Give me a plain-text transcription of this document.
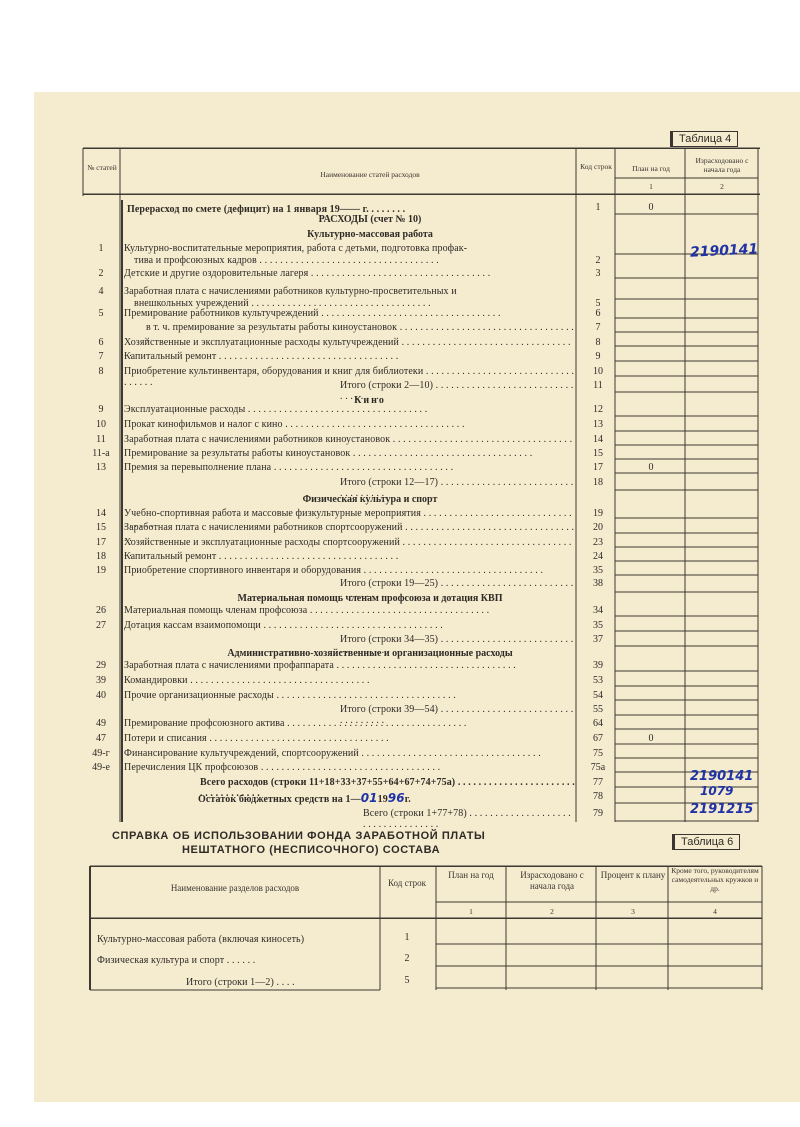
Таблица 4
№ статей
Наименование статей расходов
Код строк	План на год
1
Израсходовано с начала года
2
Перерасход по смете (дефицит) на 1 января 19—— г. . . . . . . .	1	0
РАСХОДЫ (счет № 10)
Культурно-массовая работа
Кино
Физическая культура и спорт
Материальная помощь членам профсоюза и дотация КВП
Административно-хозяйственные и организационные расходы
1	Культурно-воспитательные мероприятия, работа с детьми, подготовка профак-
тива и профсоюзных кадров . . .	2
2	Детские и другие оздоровительные лагеря . . .	3
4	Заработная плата с начислениями работников культурно-просветительных и
внешкольных учреждений . . .	5
5	Премирование работников культучреждений . . .	6
в т. ч. премирование за результаты работы киноустановок . . .	7
6	Хозяйственные и эксплуатационные расходы культучреждений . . .	8
7	Капитальный ремонт . . .	9
8	Приобретение культинвентаря, оборудования и книг для библиотеки . . .	10
Итого (строки 2—10) . . .	11
9	Эксплуатационные расходы . . .	12
10	Прокат кинофильмов и налог с кино . . .	13
11	Заработная плата с начислениями работников киноустановок . . .	14
11-а	Премирование за результаты работы киноустановок . . .	15
13	Премия за перевыполнение плана . . .	17	0
Итого (строки 12—17) . . .	18
14	Учебно-спортивная работа и массовые физкультурные мероприятия . . .	19
15	Заработная плата с начислениями работников спортсооружений . . .	20
17	Хозяйственные и эксплуатационные расходы спортсооружений . . .	23
18	Капитальный ремонт . . .	24
19	Приобретение спортивного инвентаря и оборудования . . .	35
Итого (строки 19—25) . . .	38
26	Материальная помощь членам профсоюза . . .	34
27	Дотация кассам взаимопомощи . . .	35
Итого (строки 34—35) . . .	37
29	Заработная плата с начислениями профаппарата . . .	39
39	Командировки . . .	53
40	Прочие организационные расходы . . .	54
Итого (строки 39—54) . . .	55
49	Премирование профсоюзного актива . . .	64
47	Потери и списания . . .	67	0
49-г	Финансирование культучреждений, спортсооружений . . .	75
49-е	Перечисления ЦК профсоюзов . . .	75а
Всего расходов (строки 11+18+33+37+55+64+67+74+75а) . . .	77
Остаток бюджетных средств на 1—011996г.	78
Всего (строки 1+77+78) . . .	79
2190141
2190141
1079
2191215
СПРАВКА ОБ ИСПОЛЬЗОВАНИИ ФОНДА ЗАРАБОТНОЙ ПЛАТЫ
НЕШТАТНОГО (НЕСПИСОЧНОГО) СОСТАВА
Таблица 6
Наименование разделов расходов	Код строк
План на год	Израсходовано с начала года
Процент к плану Кроме того, руководителям самодеятельных кружков и др.
1	2	3	4
Культурно-массовая работа (включая киносеть)	1
Физическая культура и спорт . . . . . .	2
Итого (строки 1—2) . . . .	5
